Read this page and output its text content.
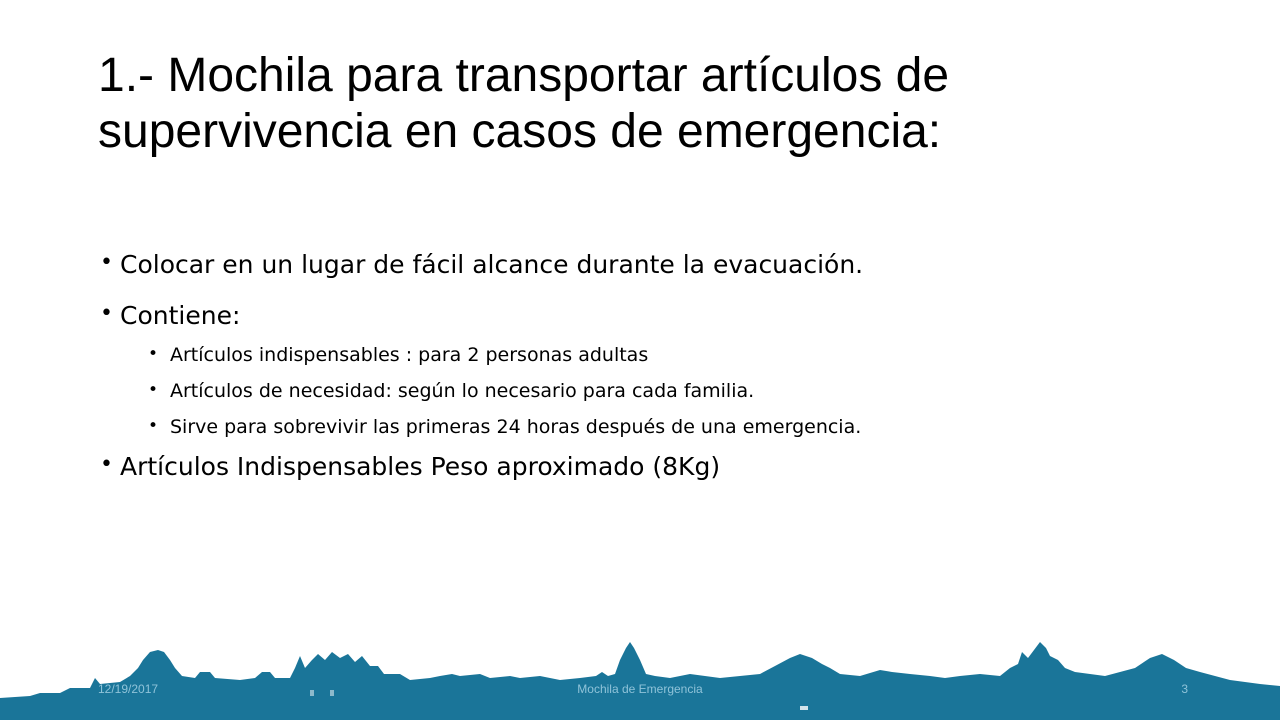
1.- Mochila para transportar artículos de
supervivencia en casos de emergencia:
• Colocar en un lugar de fácil alcance durante la evacuación.
• Contiene:
• Artículos indispensables : para 2 personas adultas
• Artículos de necesidad: según lo necesario para cada familia.
• Sirve para sobrevivir las primeras 24 horas después de una emergencia.
• Artículos Indispensables Peso aproximado (8Kg)
12/19/2017	Mochila de Emergencia	3
